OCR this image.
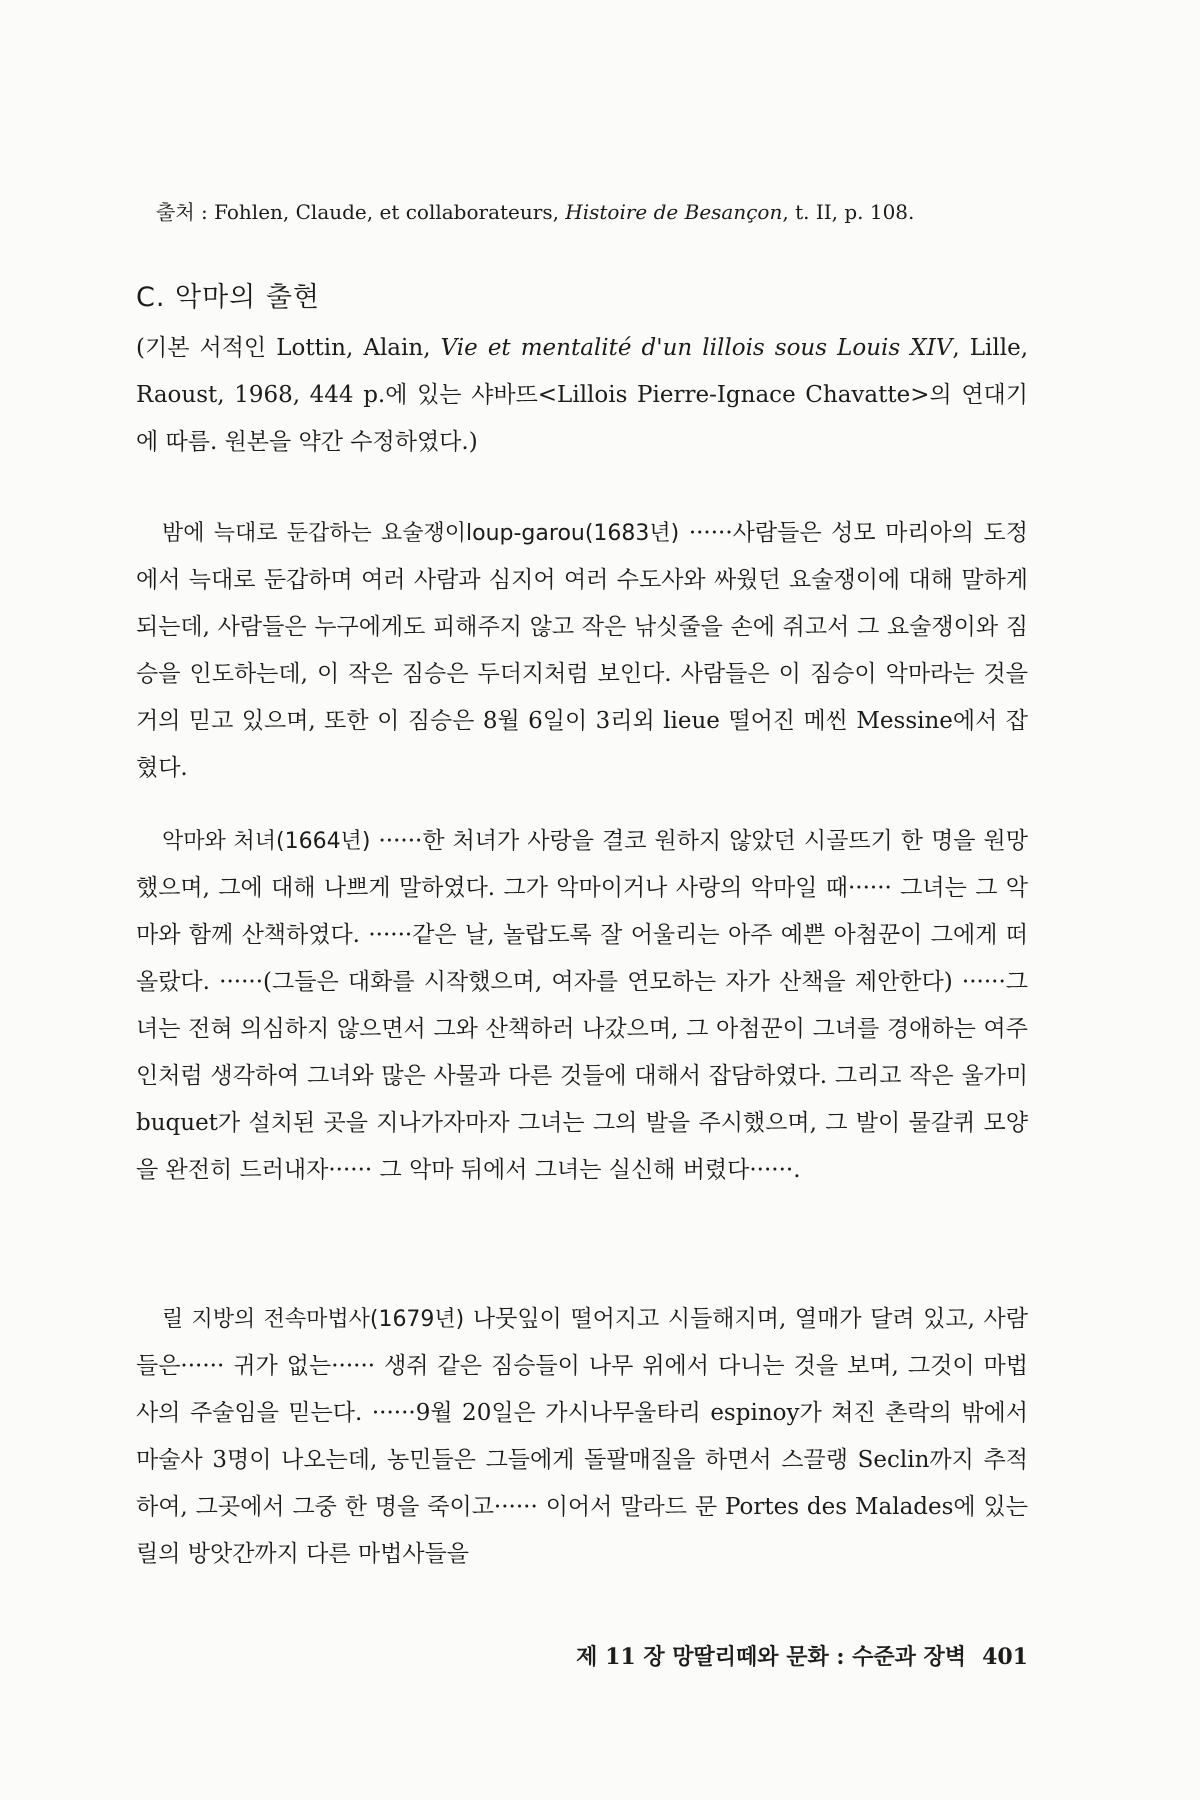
출처 : Fohlen, Claude, et collaborateurs, Histoire de Besançon, t. II, p. 108.
C. 악마의 출현
(기본 서적인 Lottin, Alain, Vie et mentalité d'un lillois sous Louis XIV, Lille, Raoust, 1968, 444 p.에 있는 샤바뜨<Lillois Pierre-Ignace Chavatte>의 연대기에 따름. 원본을 약간 수정하였다.)
밤에 늑대로 둔갑하는 요술쟁이loup-garou(1683년) ······사람들은 성모 마리아의 도정에서 늑대로 둔갑하며 여러 사람과 심지어 여러 수도사와 싸웠던 요술쟁이에 대해 말하게 되는데, 사람들은 누구에게도 피해주지 않고 작은 낚싯줄을 손에 쥐고서 그 요술쟁이와 짐승을 인도하는데, 이 작은 짐승은 두더지처럼 보인다. 사람들은 이 짐승이 악마라는 것을 거의 믿고 있으며, 또한 이 짐승은 8월 6일이 3리외 lieue 떨어진 메씬 Messine에서 잡혔다.
악마와 처녀(1664년) ······한 처녀가 사랑을 결코 원하지 않았던 시골뜨기 한 명을 원망했으며, 그에 대해 나쁘게 말하였다. 그가 악마이거나 사랑의 악마일 때······ 그녀는 그 악마와 함께 산책하였다. ······같은 날, 놀랍도록 잘 어울리는 아주 예쁜 아첨꾼이 그에게 떠올랐다. ······(그들은 대화를 시작했으며, 여자를 연모하는 자가 산책을 제안한다) ······그녀는 전혀 의심하지 않으면서 그와 산책하러 나갔으며, 그 아첨꾼이 그녀를 경애하는 여주인처럼 생각하여 그녀와 많은 사물과 다른 것들에 대해서 잡담하였다. 그리고 작은 울가미buquet가 설치된 곳을 지나가자마자 그녀는 그의 발을 주시했으며, 그 발이 물갈퀴 모양을 완전히 드러내자······ 그 악마 뒤에서 그녀는 실신해 버렸다······.
릴 지방의 전속마법사(1679년) 나뭇잎이 떨어지고 시들해지며, 열매가 달려 있고, 사람들은······ 귀가 없는······ 생쥐 같은 짐승들이 나무 위에서 다니는 것을 보며, 그것이 마법사의 주술임을 믿는다. ······9월 20일은 가시나무울타리 espinoy가 쳐진 촌락의 밖에서 마술사 3명이 나오는데, 농민들은 그들에게 돌팔매질을 하면서 스끌랭 Seclin까지 추적하여, 그곳에서 그중 한 명을 죽이고······ 이어서 말라드 문 Portes des Malades에 있는 릴의 방앗간까지 다른 마법사들을
제 11 장 망딸리떼와 문화 : 수준과 장벽 401
